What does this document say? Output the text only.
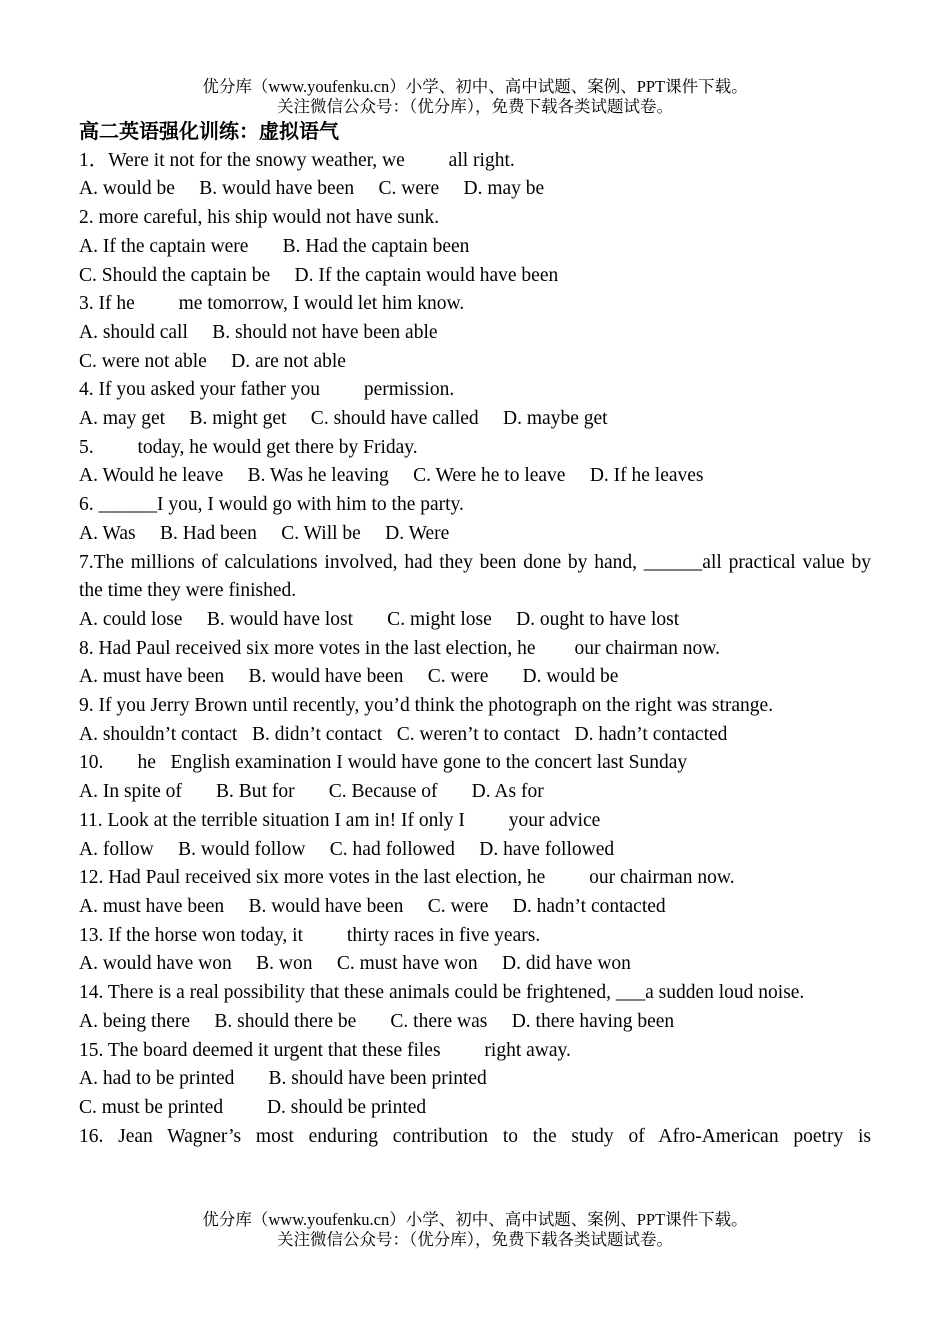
优分库（www.youfenku.cn）小学、初中、高中试题、案例、PPT课件下载。
关注微信公众号：（优分库），免费下载各类试题试卷。
高二英语强化训练：虚拟语气
1．Were it not for the snowy weather, we         all right.
A. would be     B. would have been     C. were     D. may be
2. more careful, his ship would not have sunk.
A. If the captain were       B. Had the captain been
C. Should the captain be     D. If the captain would have been
3. If he         me tomorrow, I would let him know.
A. should call     B. should not have been able
C. were not able     D. are not able
4. If you asked your father you         permission.
A. may get     B. might get     C. should have called     D. maybe get
5.         today, he would get there by Friday.
A. Would he leave     B. Was he leaving     C. Were he to leave     D. If he leaves
6. ______I you, I would go with him to the party.
A. Was     B. Had been     C. Will be     D. Were
7.The millions of calculations involved, had they been done by hand, ______all practical value by the time they were finished.
A. could lose     B. would have lost       C. might lose     D. ought to have lost
8. Had Paul received six more votes in the last election, he        our chairman now.
A. must have been     B. would have been     C. were       D. would be
9. If you Jerry Brown until recently, you’d think the photograph on the right was strange.
A. shouldn’t contact   B. didn’t contact   C. weren’t to contact   D. hadn’t contacted
10.       he   English examination I would have gone to the concert last Sunday
A. In spite of       B. But for       C. Because of       D. As for
11. Look at the terrible situation I am in! If only I         your advice
A. follow     B. would follow     C. had followed     D. have followed
12. Had Paul received six more votes in the last election, he         our chairman now.
A. must have been     B. would have been     C. were     D. hadn’t contacted
13. If the horse won today, it         thirty races in five years.
A. would have won     B. won     C. must have won     D. did have won
14. There is a real possibility that these animals could be frightened, ___a sudden loud noise.
A. being there     B. should there be       C. there was     D. there having been
15. The board deemed it urgent that these files         right away.
A. had to be printed       B. should have been printed
C. must be printed         D. should be printed
16. Jean Wagner’s most enduring contribution to the study of Afro-American poetry is
优分库（www.youfenku.cn）小学、初中、高中试题、案例、PPT课件下载。
关注微信公众号：（优分库），免费下载各类试题试卷。
